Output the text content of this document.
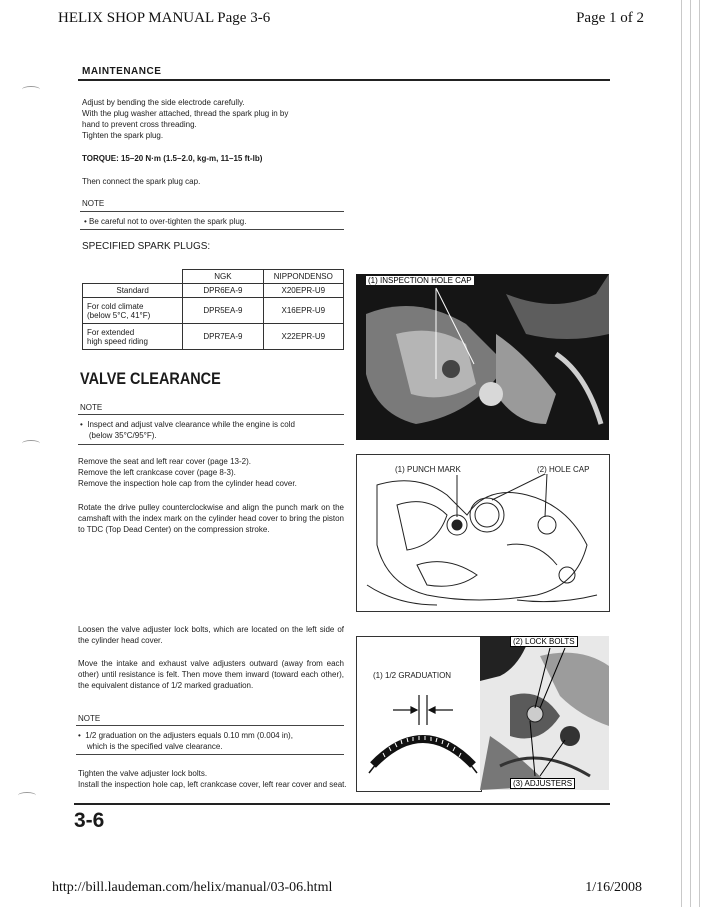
HELIX SHOP MANUAL Page 3-6	Page 1 of 2
MAINTENANCE
Adjust by bending the side electrode carefully.
With the plug washer attached, thread the spark plug in by
hand to prevent cross threading.
Tighten the spark plug.
TORQUE: 15–20 N·m (1.5–2.0, kg-m, 11–15 ft-lb)
Then connect the spark plug cap.
NOTE
• Be careful not to over-tighten the spark plug.
SPECIFIED SPARK PLUGS:
	NGK	NIPPONDENSO
Standard	DPR6EA-9	X20EPR-U9
For cold climate
(below 5°C, 41°F)	DPR5EA-9	X16EPR-U9
For extended
high speed riding	DPR7EA-9	X22EPR-U9
(1) INSPECTION HOLE CAP
VALVE CLEARANCE
NOTE
•  Inspect and adjust valve clearance while the engine is cold
(below 35°C/95°F).
Remove the seat and left rear cover (page 13-2).
Remove the left crankcase cover (page 8-3).
Remove the inspection hole cap from the cylinder head cover.
Rotate the drive pulley counterclockwise and align the punch mark on the camshaft with the index mark on the cylinder head cover to bring the piston to TDC (Top Dead Center) on the compression stroke.
(1) PUNCH MARK	(2) HOLE CAP
Loosen the valve adjuster lock bolts, which are located on the left side of the cylinder head cover.
Move the intake and exhaust valve adjusters outward (away from each other) until resistance is felt. Then move them inward (toward each other), the equivalent distance of 1/2 marked graduation.
NOTE
•  1/2 graduation on the adjusters equals 0.10 mm (0.004 in),
which is the specified valve clearance.
Tighten the valve adjuster lock bolts.
Install the inspection hole cap, left crankcase cover, left rear cover and seat.
(1) 1/2 GRADUATION
(2) LOCK BOLTS
(3) ADJUSTERS
3-6
http://bill.laudeman.com/helix/manual/03-06.html	1/16/2008
